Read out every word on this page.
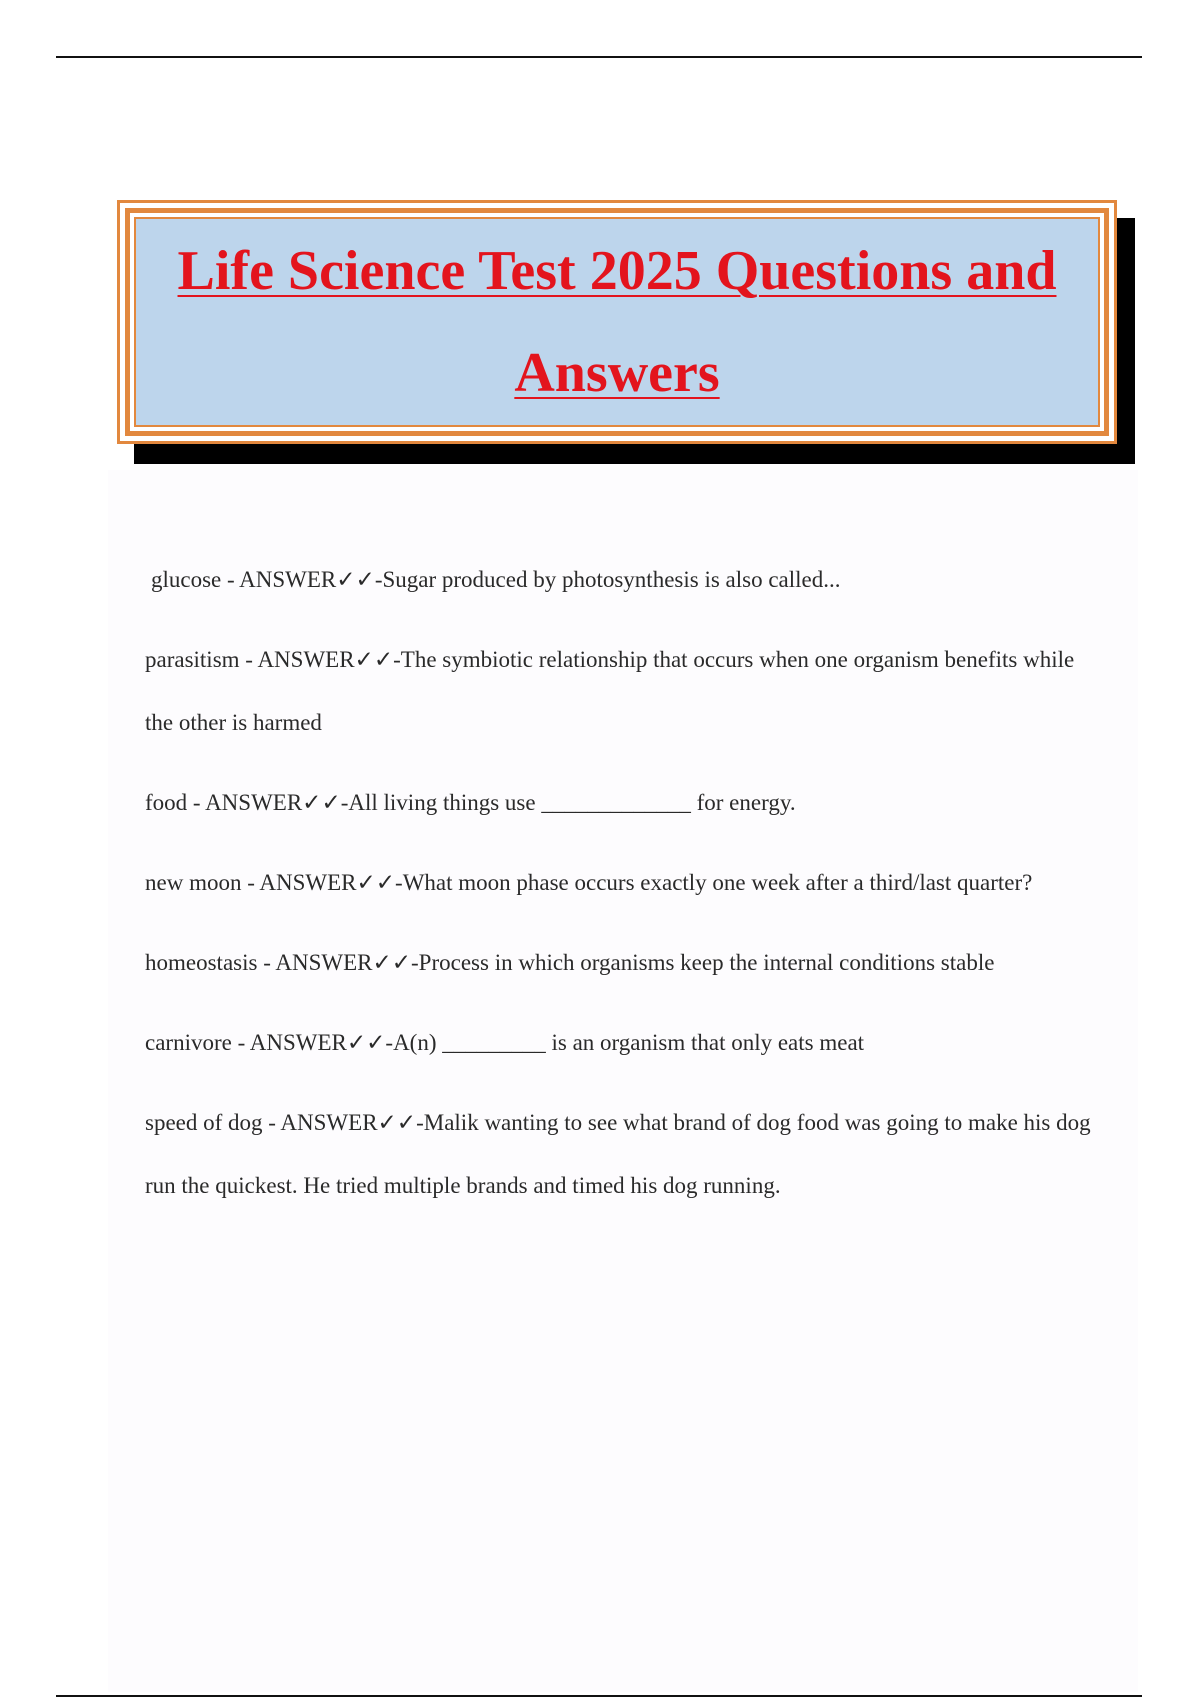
Life Science Test 2025 Questions and Answers
glucose - ANSWER✓✓-Sugar produced by photosynthesis is also called...
parasitism - ANSWER✓✓-The symbiotic relationship that occurs when one organism benefits while the other is harmed
food - ANSWER✓✓-All living things use _____________ for energy.
new moon - ANSWER✓✓-What moon phase occurs exactly one week after a third/last quarter?
homeostasis - ANSWER✓✓-Process in which organisms keep the internal conditions stable
carnivore - ANSWER✓✓-A(n) _________ is an organism that only eats meat
speed of dog - ANSWER✓✓-Malik wanting to see what brand of dog food was going to make his dog run the quickest. He tried multiple brands and timed his dog running.
